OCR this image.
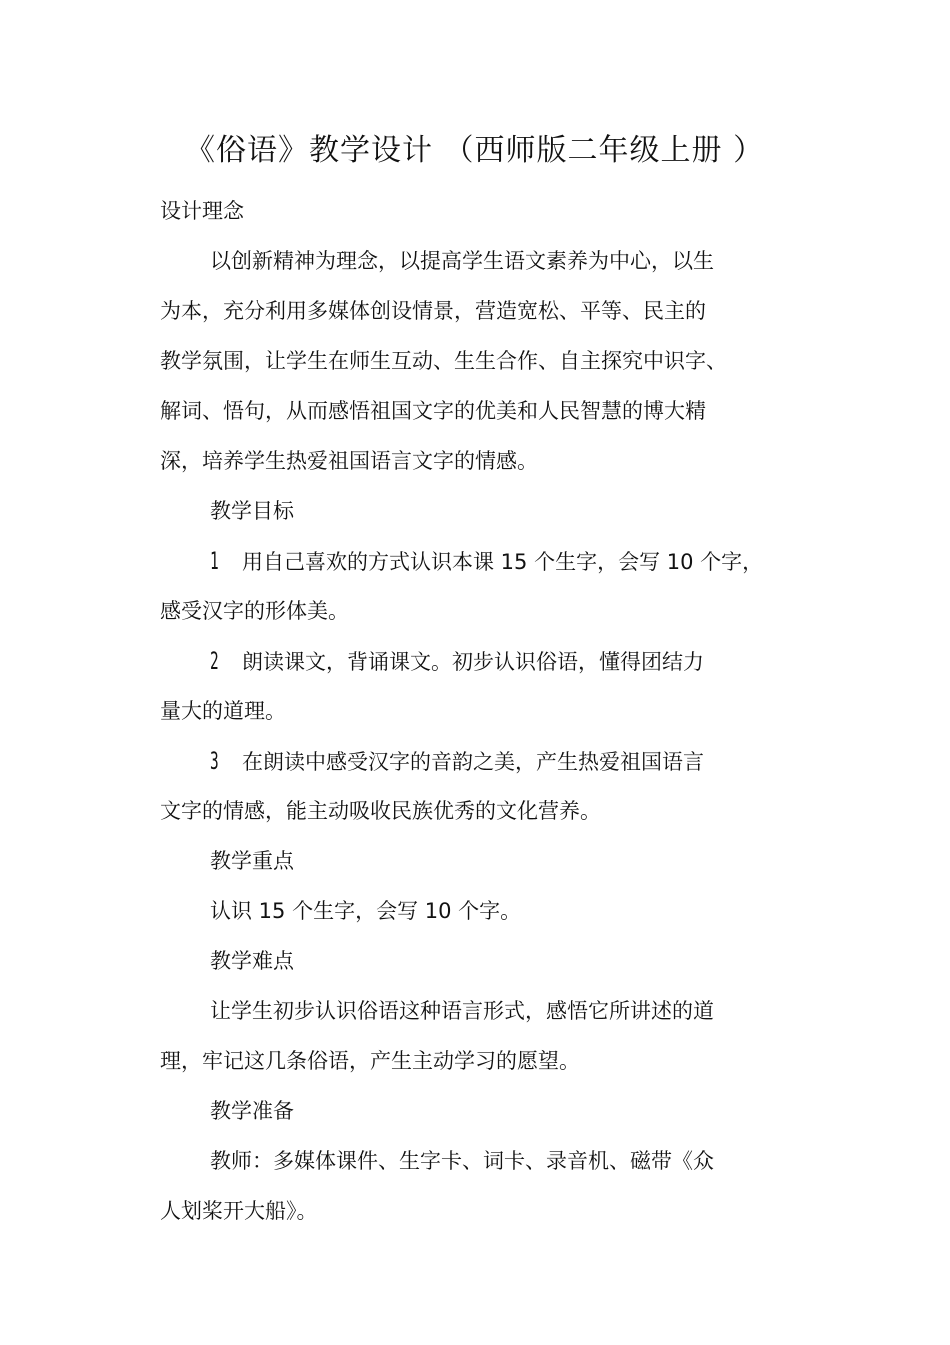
《俗语》教学设计 （西师版二年级上册 ）
设计理念
以创新精神为理念，以提高学生语文素养为中心，以生
为本，充分利用多媒体创设情景，营造宽松、平等、民主的
教学氛围，让学生在师生互动、生生合作、自主探究中识字、
解词、悟句，从而感悟祖国文字的优美和人民智慧的博大精
深，培养学生热爱祖国语言文字的情感。
教学目标
1 用自己喜欢的方式认识本课 15 个生字，会写 10 个字，
感受汉字的形体美。
2 朗读课文，背诵课文。初步认识俗语，懂得团结力
量大的道理。
3 在朗读中感受汉字的音韵之美，产生热爱祖国语言
文字的情感，能主动吸收民族优秀的文化营养。
教学重点
认识 15 个生字，会写 10 个字。
教学难点
让学生初步认识俗语这种语言形式，感悟它所讲述的道
理，牢记这几条俗语，产生主动学习的愿望。
教学准备
教师：多媒体课件、生字卡、词卡、录音机、磁带《众
人划桨开大船》。
